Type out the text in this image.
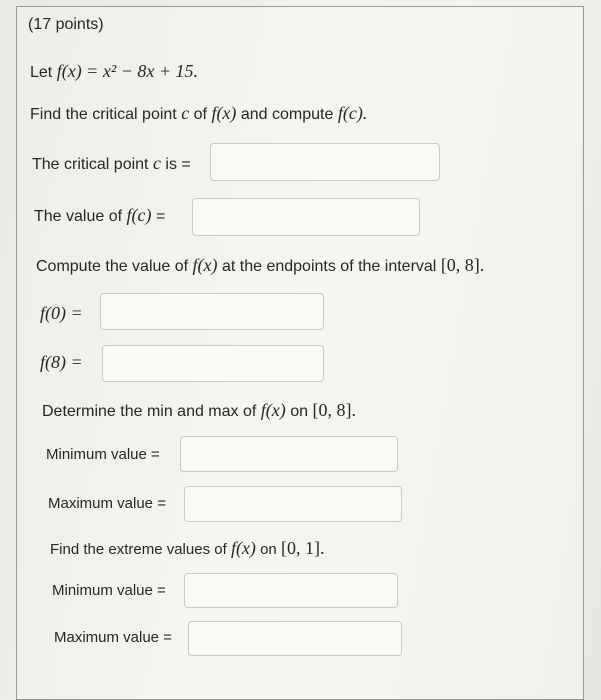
(17 points)
Let f(x) = x² − 8x + 15.
Find the critical point c of f(x) and compute f(c).
The critical point c is =
The value of f(c) =
Compute the value of f(x) at the endpoints of the interval [0, 8].
f(0) =
f(8) =
Determine the min and max of f(x) on [0, 8].
Minimum value =
Maximum value =
Find the extreme values of f(x) on [0, 1].
Minimum value =
Maximum value =
